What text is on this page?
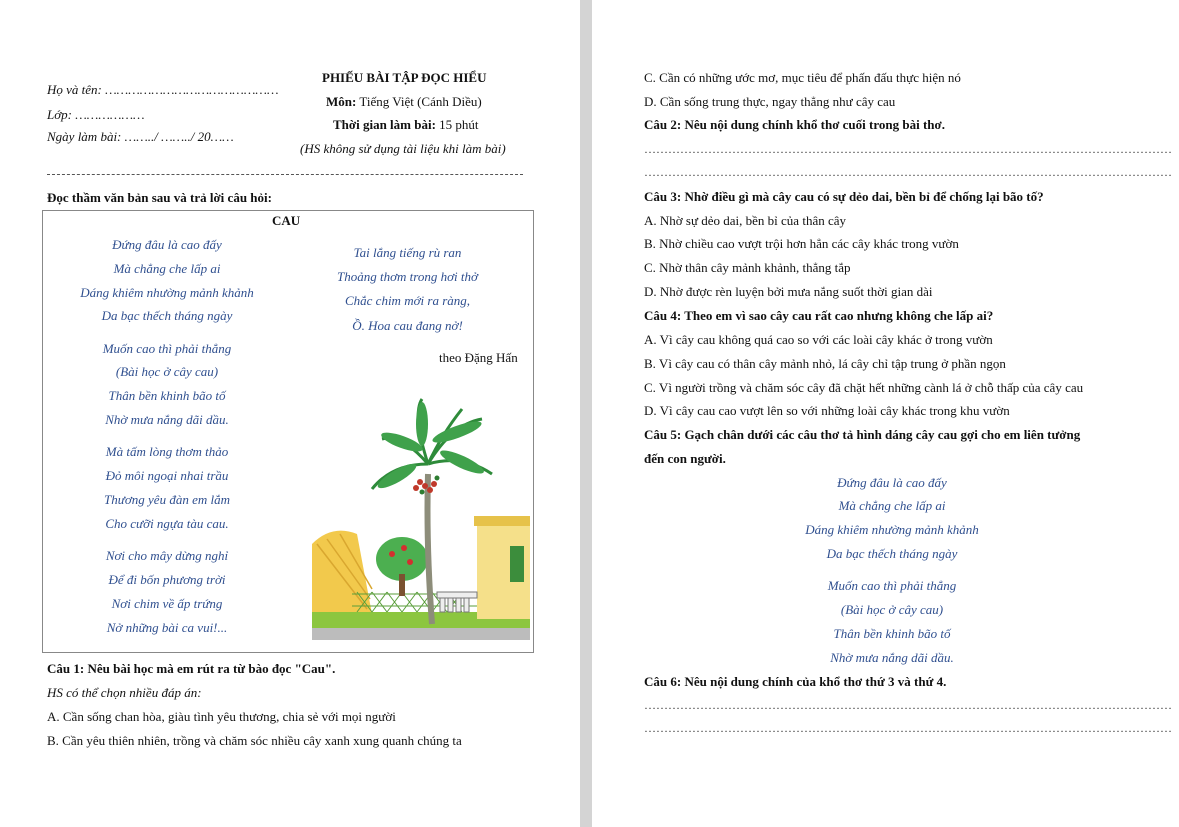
Họ và tên: ………………………………………
Lớp: ………………
Ngày làm bài: ……../ ……../ 20……
PHIẾU BÀI TẬP ĐỌC HIỂU
Môn: Tiếng Việt (Cánh Diều)
Thời gian làm bài: 15 phút
(HS không sử dụng tài liệu khi làm bài)
Đọc thầm văn bản sau và trả lời câu hỏi:
CAU
Đứng đâu là cao đấy
Mà chẳng che lấp ai
Dáng khiêm nhường mảnh khảnh
Da bạc thếch tháng ngày
Muốn cao thì phải thẳng
(Bài học ở cây cau)
Thân bền khinh bão tố
Nhờ mưa nắng dãi dầu.
Mà tấm lòng thơm thảo
Đỏ môi ngoại nhai trầu
Thương yêu đàn em lắm
Cho cưỡi ngựa tàu cau.
Nơi cho mây dừng nghỉ
Để đi bốn phương trời
Nơi chim về ấp trứng
Nở những bài ca vui!...
Tai lắng tiếng rù ran
Thoảng thơm trong hơi thở
Chắc chim mới ra ràng,
Ồ. Hoa cau đang nở!
theo Đặng Hấn
Câu 1: Nêu bài học mà em rút ra từ bào đọc "Cau".
HS có thể chọn nhiều đáp án:
A. Cần sống chan hòa, giàu tình yêu thương, chia sẻ với mọi người
B. Cần yêu thiên nhiên, trồng và chăm sóc nhiều cây xanh xung quanh chúng ta
C. Cần có những ước mơ, mục tiêu để phấn đấu thực hiện nó
D. Cần sống trung thực, ngay thẳng như cây cau
Câu 2: Nêu nội dung chính khổ thơ cuối trong bài thơ.
……………………………………………………………………………………………………………………
……………………………………………………………………………………………………………………
Câu 3: Nhờ điều gì mà cây cau có sự dẻo dai, bền bỉ để chống lại bão tố?
A. Nhờ sự dẻo dai, bền bỉ của thân cây
B. Nhờ chiều cao vượt trội hơn hẳn các cây khác trong vườn
C. Nhờ thân cây mảnh khảnh, thẳng tắp
D. Nhờ được rèn luyện bởi mưa nắng suốt thời gian dài
Câu 4: Theo em vì sao cây cau rất cao nhưng không che lấp ai?
A. Vì cây cau không quá cao so với các loài cây khác ở trong vườn
B. Vì cây cau có thân cây mảnh nhỏ, lá cây chỉ tập trung ở phần ngọn
C. Vì người trồng và chăm sóc cây đã chặt hết những cành lá ở chỗ thấp của cây cau
D. Vì cây cau cao vượt lên so với những loài cây khác trong khu vườn
Câu 5: Gạch chân dưới các câu thơ tả hình dáng cây cau gợi cho em liên tưởng
đến con người.
Đứng đâu là cao đấy
Mà chẳng che lấp ai
Dáng khiêm nhường mảnh khảnh
Da bạc thếch tháng ngày
Muốn cao thì phải thẳng
(Bài học ở cây cau)
Thân bền khinh bão tố
Nhờ mưa nắng dãi dầu.
Câu 6: Nêu nội dung chính của khổ thơ thứ 3 và thứ 4.
……………………………………………………………………………………………………………………
……………………………………………………………………………………………………………………
